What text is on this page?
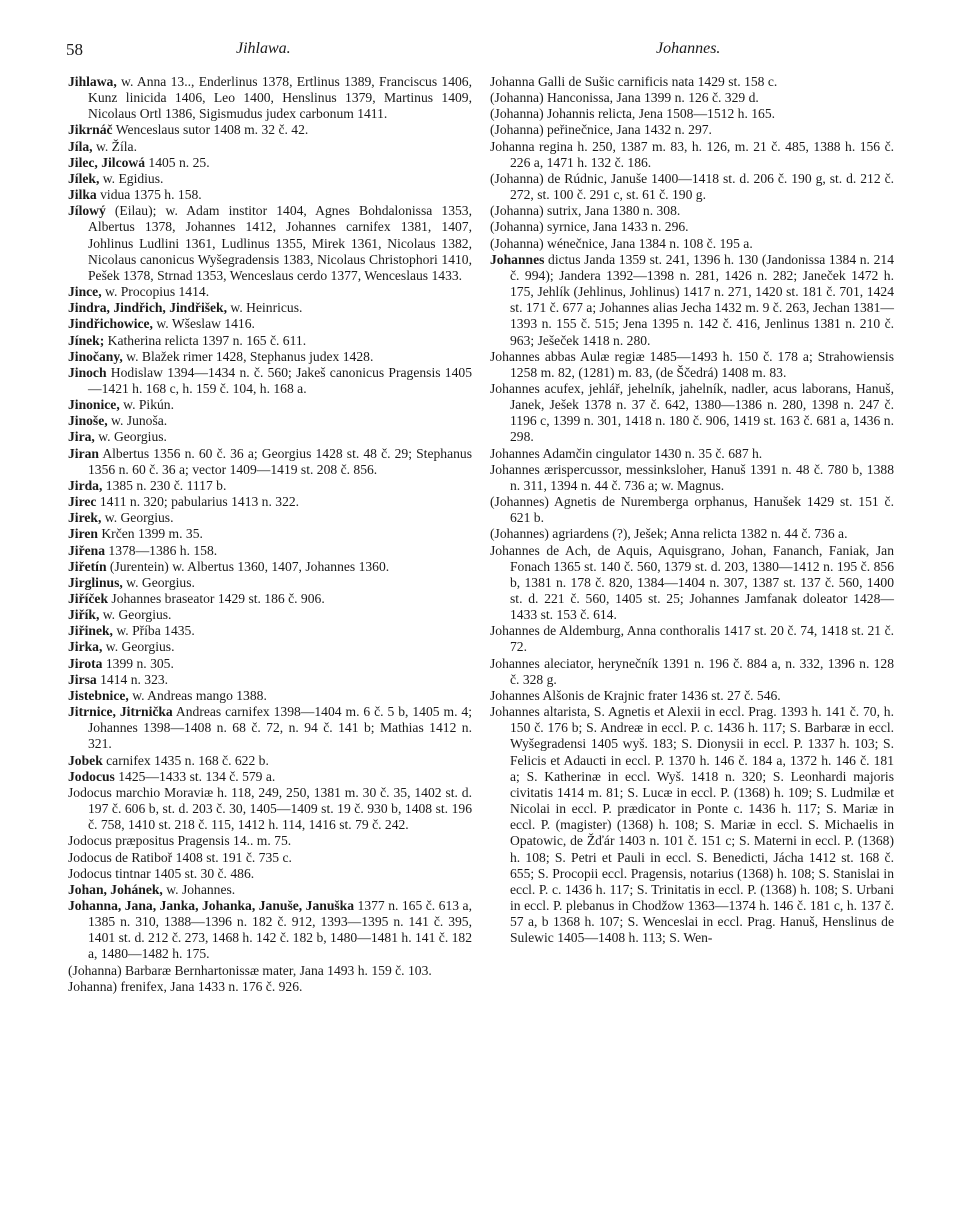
58	Jihlawa.	Johannes.
Jihlawa, w. Anna 13.., Enderlinus 1378, Ertlinus 1389, Franciscus 1406, Kunz linicida 1406, Leo 1400, Henslinus 1379, Martinus 1409, Nicolaus Ortl 1386, Sigismudus judex carbonum 1411.
Jikrnáč Wenceslaus sutor 1408 m. 32 č. 42.
Jíla, w. Žíla.
Jilec, Jilcowá 1405 n. 25.
Jílek, w. Egidius.
Jilka vidua 1375 h. 158.
Jílowý (Eilau); w. Adam institor 1404, Agnes Bohdalonissa 1353, Albertus 1378, Johannes 1412, Johannes carnifex 1381, 1407, Johlinus Ludlini 1361, Ludlinus 1355, Mirek 1361, Nicolaus 1382, Nicolaus canonicus Wyšegradensis 1383, Nicolaus Christophori 1410, Pešek 1378, Strnad 1353, Wenceslaus cerdo 1377, Wenceslaus 1433.
Jince, w. Procopius 1414.
Jindra, Jindřich, Jindřišek, w. Heinricus.
Jindřichowice, w. Wšeslaw 1416.
Jínek; Katherina relicta 1397 n. 165 č. 611.
Jinočany, w. Blažek rimer 1428, Stephanus judex 1428.
Jinoch Hodislaw 1394—1434 n. č. 560; Jakeš canonicus Pragensis 1405—1421 h. 168 c, h. 159 č. 104, h. 168 a.
Jinonice, w. Pikún.
Jinoše, w. Junoša.
Jira, w. Georgius.
Jiran Albertus 1356 n. 60 č. 36 a; Georgius 1428 st. 48 č. 29; Stephanus 1356 n. 60 č. 36 a; vector 1409—1419 st. 208 č. 856.
Jirda, 1385 n. 230 č. 1117 b.
Jirec 1411 n. 320; pabularius 1413 n. 322.
Jirek, w. Georgius.
Jiren Krčen 1399 m. 35.
Jiřena 1378—1386 h. 158.
Jiřetín (Jurentein) w. Albertus 1360, 1407, Johannes 1360.
Jirglinus, w. Georgius.
Jiříček Johannes braseator 1429 st. 186 č. 906.
Jiřík, w. Georgius.
Jiřinek, w. Příba 1435.
Jirka, w. Georgius.
Jirota 1399 n. 305.
Jirsa 1414 n. 323.
Jistebnice, w. Andreas mango 1388.
Jitrnice, Jitrnička Andreas carnifex 1398—1404 m. 6 č. 5 b, 1405 m. 4; Johannes 1398—1408 n. 68 č. 72, n. 94 č. 141 b; Mathias 1412 n. 321.
Jobek carnifex 1435 n. 168 č. 622 b.
Jodocus 1425—1433 st. 134 č. 579 a.
Jodocus marchio Moraviæ h. 118, 249, 250, 1381 m. 30 č. 35, 1402 st. d. 197 č. 606 b, st. d. 203 č. 30, 1405—1409 st. 19 č. 930 b, 1408 st. 196 č. 758, 1410 st. 218 č. 115, 1412 h. 114, 1416 st. 79 č. 242.
Jodocus præpositus Pragensis 14.. m. 75.
Jodocus de Ratiboř 1408 st. 191 č. 735 c.
Jodocus tintnar 1405 st. 30 č. 486.
Johan, Johánek, w. Johannes.
Johanna, Jana, Janka, Johanka, Januše, Januška 1377 n. 165 č. 613 a, 1385 n. 310, 1388—1396 n. 182 č. 912, 1393—1395 n. 141 č. 395, 1401 st. d. 212 č. 273, 1468 h. 142 č. 182 b, 1480—1481 h. 141 č. 182 a, 1480—1482 h. 175.
(Johanna) Barbaræ Bernhartonissæ mater, Jana 1493 h. 159 č. 103.
Johanna) frenifex, Jana 1433 n. 176 č. 926.
Johanna Galli de Sušic carnificis nata 1429 st. 158 c.
(Johanna) Hanconissa, Jana 1399 n. 126 č. 329 d.
(Johanna) Johannis relicta, Jena 1508—1512 h. 165.
(Johanna) peřinečnice, Jana 1432 n. 297.
Johanna regina h. 250, 1387 m. 83, h. 126, m. 21 č. 485, 1388 h. 156 č. 226 a, 1471 h. 132 č. 186.
(Johanna) de Rúdnic, Januše 1400—1418 st. d. 206 č. 190 g, st. d. 212 č. 272, st. 100 č. 291 c, st. 61 č. 190 g.
(Johanna) sutrix, Jana 1380 n. 308.
(Johanna) syrnice, Jana 1433 n. 296.
(Johanna) wénečnice, Jana 1384 n. 108 č. 195 a.
Johannes dictus Janda 1359 st. 241, 1396 h. 130 (Jandonissa 1384 n. 214 č. 994); Jandera 1392—1398 n. 281, 1426 n. 282; Janeček 1472 h. 175, Jehlík (Jehlinus, Johlinus) 1417 n. 271, 1420 st. 181 č. 701, 1424 st. 171 č. 677 a; Johannes alias Jecha 1432 m. 9 č. 263, Jechan 1381—1393 n. 155 č. 515; Jena 1395 n. 142 č. 416, Jenlinus 1381 n. 210 č. 963; Ješeček 1418 n. 280.
Johannes abbas Aulæ regiæ 1485—1493 h. 150 č. 178 a; Strahowiensis 1258 m. 82, (1281) m. 83, (de Ščedrá) 1408 m. 83.
Johannes acufex, jehlář, jehelník, jahelník, nadler, acus laborans, Hanuš, Janek, Ješek 1378 n. 37 č. 642, 1380—1386 n. 280, 1398 n. 247 č. 1196 c, 1399 n. 301, 1418 n. 180 č. 906, 1419 st. 163 č. 681 a, 1436 n. 298.
Johannes Adamčin cingulator 1430 n. 35 č. 687 h.
Johannes ærispercussor, messinksloher, Hanuš 1391 n. 48 č. 780 b, 1388 n. 311, 1394 n. 44 č. 736 a; w. Magnus.
(Johannes) Agnetis de Nuremberga orphanus, Hanušek 1429 st. 151 č. 621 b.
(Johannes) agriardens (?), Ješek; Anna relicta 1382 n. 44 č. 736 a.
Johannes de Ach, de Aquis, Aquisgrano, Johan, Fananch, Faniak, Jan Fonach 1365 st. 140 č. 560, 1379 st. d. 203, 1380—1412 n. 195 č. 856 b, 1381 n. 178 č. 820, 1384—1404 n. 307, 1387 st. 137 č. 560, 1400 st. d. 221 č. 560, 1405 st. 25; Johannes Jamfanak doleator 1428—1433 st. 153 č. 614.
Johannes de Aldemburg, Anna conthoralis 1417 st. 20 č. 74, 1418 st. 21 č. 72.
Johannes aleciator, herynečník 1391 n. 196 č. 884 a, n. 332, 1396 n. 128 č. 328 g.
Johannes Alšonis de Krajnic frater 1436 st. 27 č. 546.
Johannes altarista, S. Agnetis et Alexii in eccl. Prag. 1393 h. 141 č. 70, h. 150 č. 176 b; S. Andreæ in eccl. P. c. 1436 h. 117; S. Barbaræ in eccl. Wyšegradensi 1405 wyš. 183; S. Dionysii in eccl. P. 1337 h. 103; S. Felicis et Adaucti in eccl. P. 1370 h. 146 č. 184 a, 1372 h. 146 č. 181 a; S. Katherinæ in eccl. Wyš. 1418 n. 320; S. Leonhardi majoris civitatis 1414 m. 81; S. Lucæ in eccl. P. (1368) h. 109; S. Ludmilæ et Nicolai in eccl. P. prædicator in Ponte c. 1436 h. 117; S. Mariæ in eccl. P. (magister) (1368) h. 108; S. Mariæ in eccl. S. Michaelis in Opatowic, de Žďár 1403 n. 101 č. 151 c; S. Materni in eccl. P. (1368) h. 108; S. Petri et Pauli in eccl. S. Benedicti, Jácha 1412 st. 168 č. 655; S. Procopii eccl. Pragensis, notarius (1368) h. 108; S. Stanislai in eccl. P. c. 1436 h. 117; S. Trinitatis in eccl. P. (1368) h. 108; S. Urbani in eccl. P. plebanus in Chodžow 1363—1374 h. 146 č. 181 c, h. 137 č. 57 a, b 1368 h. 107; S. Wenceslai in eccl. Prag. Hanuš, Henslinus de Sulewic 1405—1408 h. 113; S. Wen-
